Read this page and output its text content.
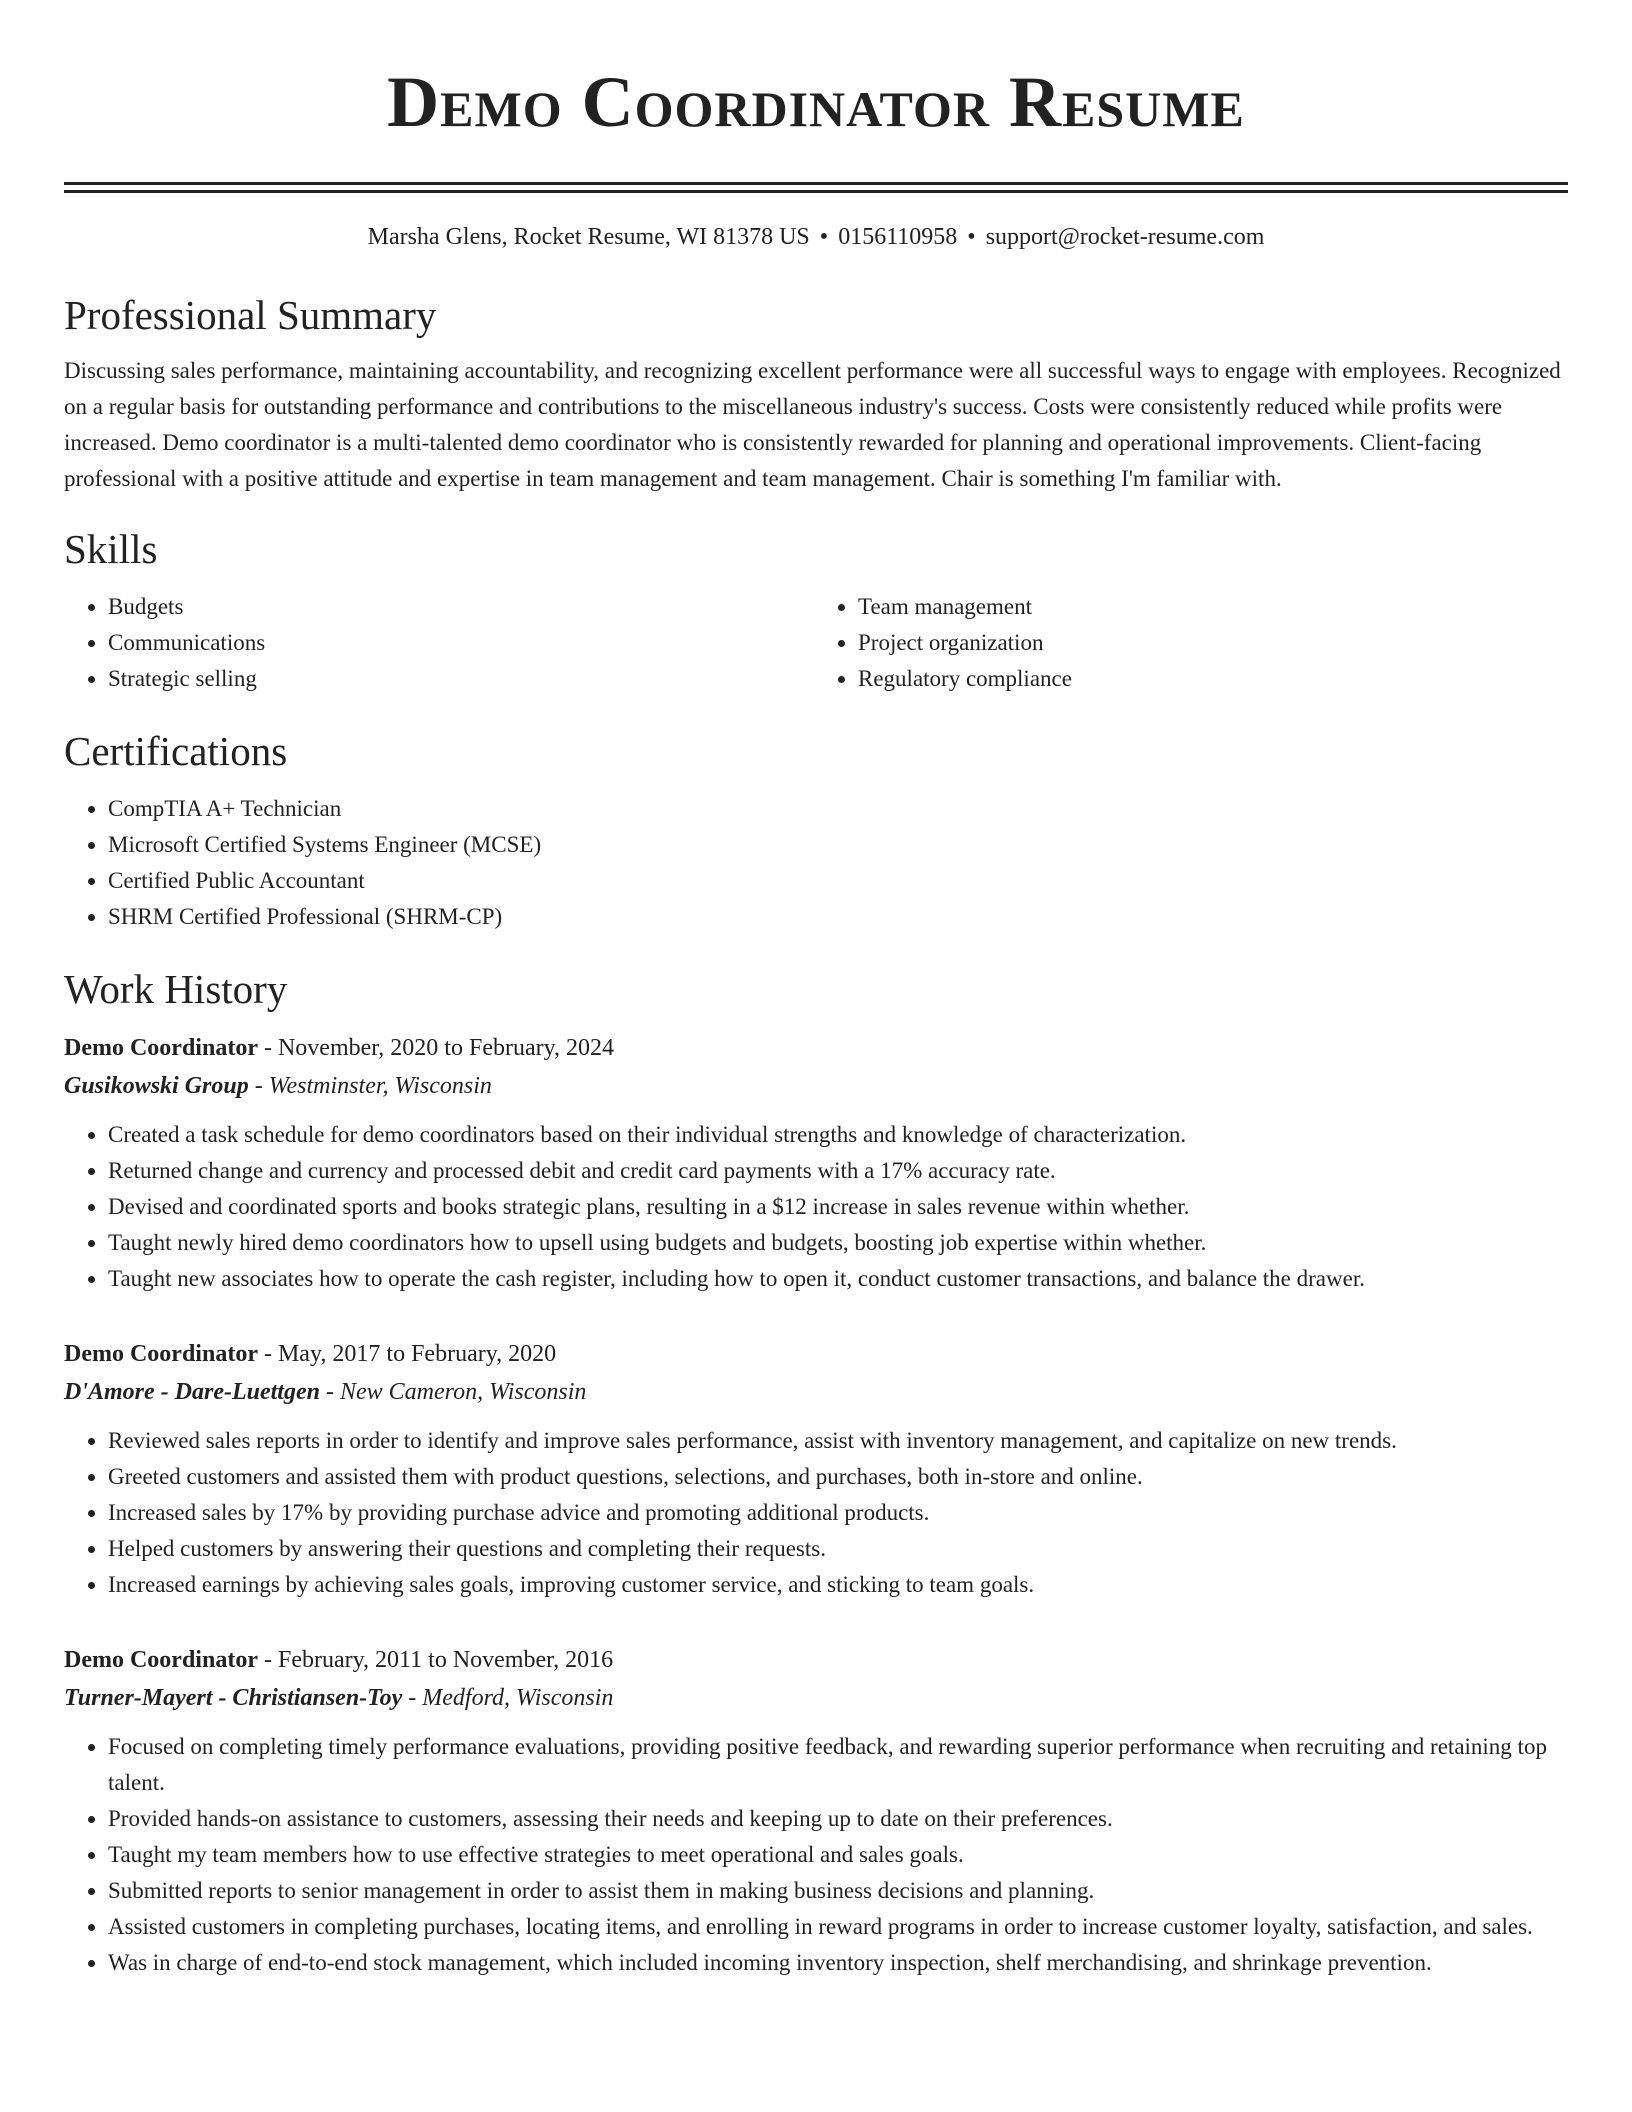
Demo Coordinator Resume
Marsha Glens, Rocket Resume, WI 81378 US • 0156110958 • support@rocket-resume.com
Professional Summary
Discussing sales performance, maintaining accountability, and recognizing excellent performance were all successful ways to engage with employees. Recognized on a regular basis for outstanding performance and contributions to the miscellaneous industry's success. Costs were consistently reduced while profits were increased. Demo coordinator is a multi-talented demo coordinator who is consistently rewarded for planning and operational improvements. Client-facing professional with a positive attitude and expertise in team management and team management. Chair is something I'm familiar with.
Skills
• Budgets
• Communications
• Strategic selling
• Team management
• Project organization
• Regulatory compliance
Certifications
• CompTIA A+ Technician
• Microsoft Certified Systems Engineer (MCSE)
• Certified Public Accountant
• SHRM Certified Professional (SHRM-CP)
Work History
Demo Coordinator - November, 2020 to February, 2024
Gusikowski Group - Westminster, Wisconsin
• Created a task schedule for demo coordinators based on their individual strengths and knowledge of characterization.
• Returned change and currency and processed debit and credit card payments with a 17% accuracy rate.
• Devised and coordinated sports and books strategic plans, resulting in a $12 increase in sales revenue within whether.
• Taught newly hired demo coordinators how to upsell using budgets and budgets, boosting job expertise within whether.
• Taught new associates how to operate the cash register, including how to open it, conduct customer transactions, and balance the drawer.
Demo Coordinator - May, 2017 to February, 2020
D'Amore - Dare-Luettgen - New Cameron, Wisconsin
• Reviewed sales reports in order to identify and improve sales performance, assist with inventory management, and capitalize on new trends.
• Greeted customers and assisted them with product questions, selections, and purchases, both in-store and online.
• Increased sales by 17% by providing purchase advice and promoting additional products.
• Helped customers by answering their questions and completing their requests.
• Increased earnings by achieving sales goals, improving customer service, and sticking to team goals.
Demo Coordinator - February, 2011 to November, 2016
Turner-Mayert - Christiansen-Toy - Medford, Wisconsin
• Focused on completing timely performance evaluations, providing positive feedback, and rewarding superior performance when recruiting and retaining top talent.
• Provided hands-on assistance to customers, assessing their needs and keeping up to date on their preferences.
• Taught my team members how to use effective strategies to meet operational and sales goals.
• Submitted reports to senior management in order to assist them in making business decisions and planning.
• Assisted customers in completing purchases, locating items, and enrolling in reward programs in order to increase customer loyalty, satisfaction, and sales.
• Was in charge of end-to-end stock management, which included incoming inventory inspection, shelf merchandising, and shrinkage prevention.
